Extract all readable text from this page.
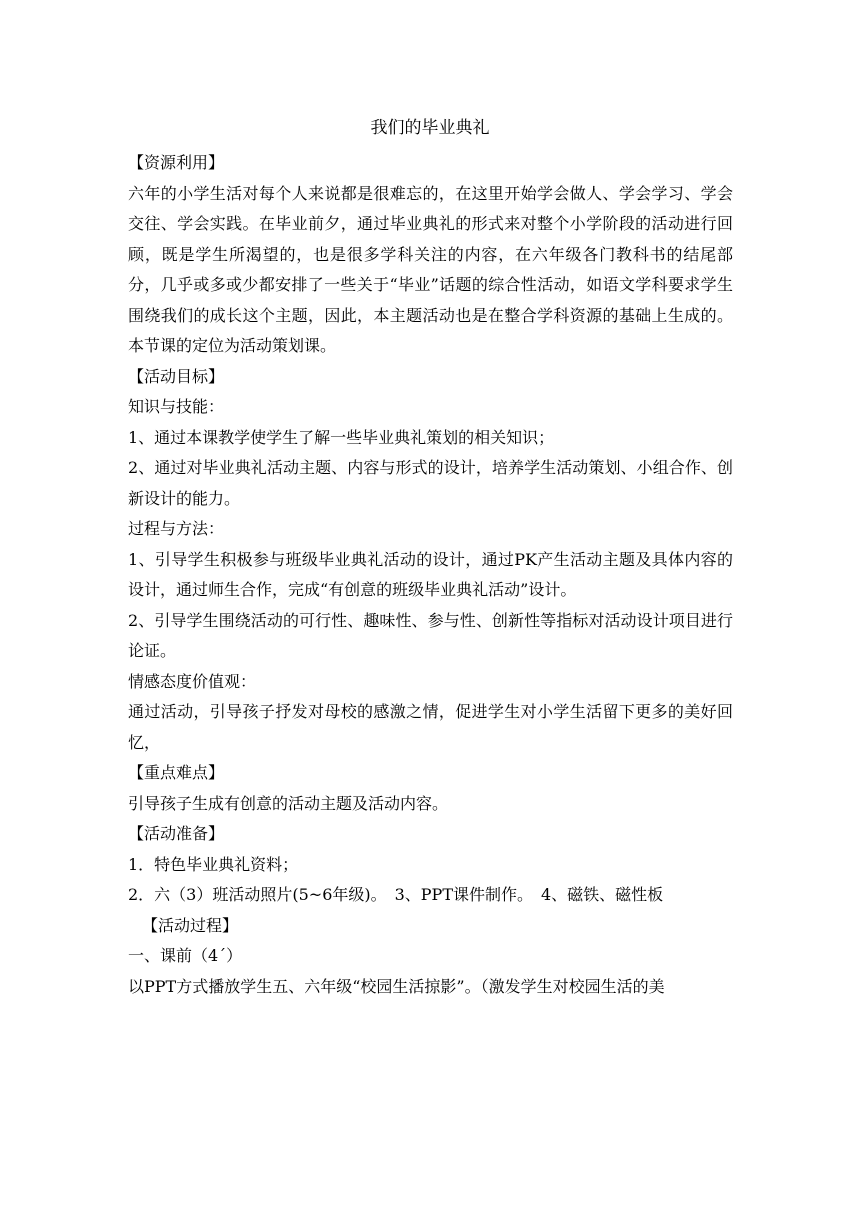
我们的毕业典礼

【资源利用】

六年的小学生活对每个人来说都是很难忘的，在这里开始学会做人、学会学习、学会交往、学会实践。在毕业前夕，通过毕业典礼的形式来对整个小学阶段的活动进行回顾，既是学生所渴望的，也是很多学科关注的内容，在六年级各门教科书的结尾部分，几乎或多或少都安排了一些关于“毕业”话题的综合性活动，如语文学科要求学生围绕我们的成长这个主题，因此，本主题活动也是在整合学科资源的基础上生成的。本节课的定位为活动策划课。

【活动目标】

知识与技能：

1、通过本课教学使学生了解一些毕业典礼策划的相关知识；

2、通过对毕业典礼活动主题、内容与形式的设计，培养学生活动策划、小组合作、创新设计的能力。

过程与方法：

1、引导学生积极参与班级毕业典礼活动的设计，通过PK产生活动主题及具体内容的设计，通过师生合作，完成“有创意的班级毕业典礼活动”设计。

2、引导学生围绕活动的可行性、趣味性、参与性、创新性等指标对活动设计项目进行论证。

情感态度价值观：

通过活动，引导孩子抒发对母校的感激之情，促进学生对小学生活留下更多的美好回忆，

【重点难点】

引导孩子生成有创意的活动主题及活动内容。

【活动准备】

1．特色毕业典礼资料；

2．六（3）班活动照片(5~6年级)。　3、PPT课件制作。　4、磁铁、磁性板

【活动过程】

一、课前（4´）

以PPT方式播放学生五、六年级“校园生活掠影”。（激发学生对校园生活的美
